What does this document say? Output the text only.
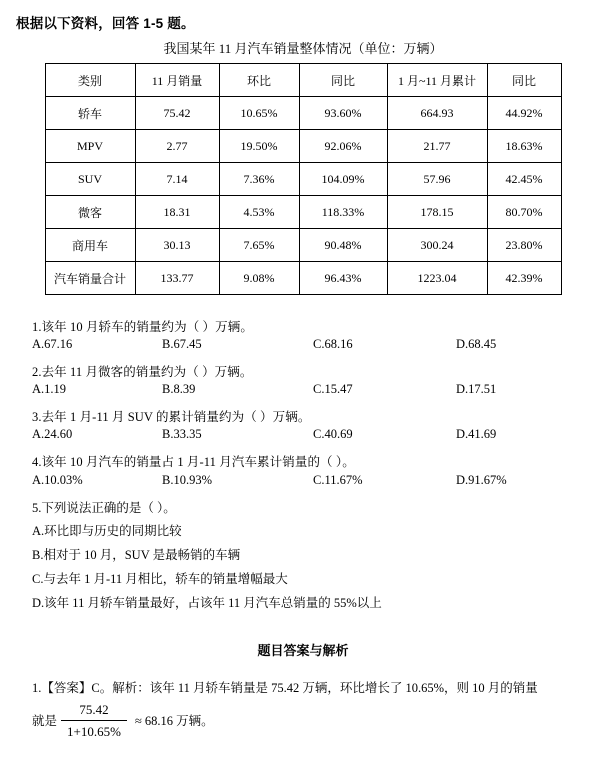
根据以下资料，回答 1-5 题。
我国某年 11 月汽车销量整体情况（单位：万辆）
类别	11 月销量	环比	同比	1 月~11 月累计	同比
轿车	75.42	10.65%	93.60%	664.93	44.92%
MPV	2.77	19.50%	92.06%	21.77	18.63%
SUV	7.14	7.36%	104.09%	57.96	42.45%
微客	18.31	4.53%	118.33%	178.15	80.70%
商用车	30.13	7.65%	90.48%	300.24	23.80%
汽车销量合计	133.77	9.08%	96.43%	1223.04	42.39%

1.该年 10 月轿车的销量约为（ ）万辆。

A.67.16	B.67.45	C.68.16	D.68.45

2.去年 11 月微客的销量约为（ ）万辆。

A.1.19	B.8.39	C.15.47	D.17.51

3.去年 1 月-11 月 SUV 的累计销量约为（ ）万辆。

A.24.60	B.33.35	C.40.69	D.41.69

4.该年 10 月汽车的销量占 1 月-11 月汽车累计销量的（ ）。

A.10.03%	B.10.93%	C.11.67%	D.91.67%

5.下列说法正确的是（ ）。

A.环比即与历史的同期比较

B.相对于 10 月，SUV 是最畅销的车辆

C.与去年 1 月-11 月相比，轿车的销量增幅最大

D.该年 11 月轿车销量最好，占该年 11 月汽车总销量的 55%以上

题目答案与解析
1.【答案】C。解析：该年 11 月轿车销量是 75.42 万辆，环比增长了 10.65%，则 10 月的销量
就是 $\frac{75.42}{1+10.65\%} \approx 68.16$ 万辆。
